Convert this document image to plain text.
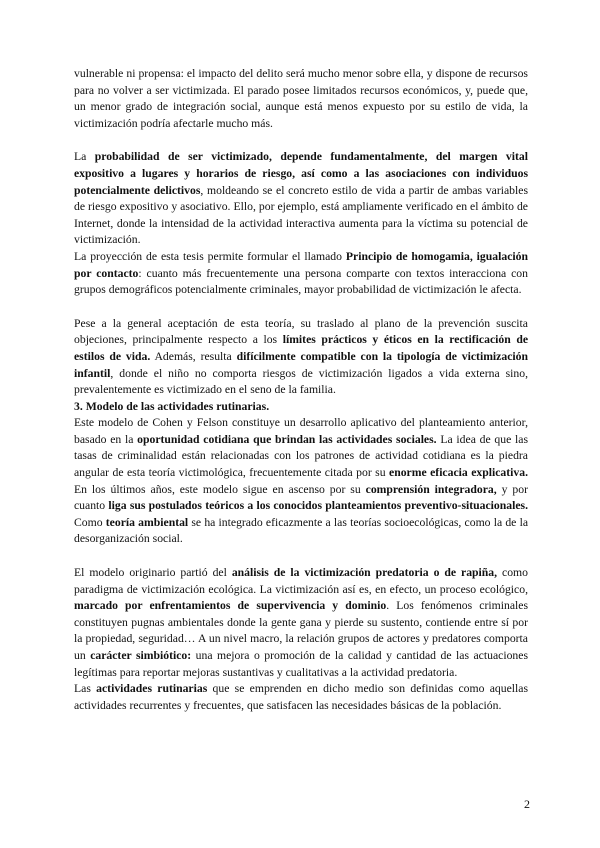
vulnerable ni propensa: el impacto del delito será mucho menor sobre ella, y dispone de recursos para no volver a ser victimizada. El parado posee limitados recursos económicos, y, puede que, un menor grado de integración social, aunque está menos expuesto por su estilo de vida, la victimización podría afectarle mucho más.

La probabilidad de ser victimizado, depende fundamentalmente, del margen vital expositivo a lugares y horarios de riesgo, así como a las asociaciones con individuos potencialmente delictivos, moldeando se el concreto estilo de vida a partir de ambas variables de riesgo expositivo y asociativo. Ello, por ejemplo, está ampliamente verificado en el ámbito de Internet, donde la intensidad de la actividad interactiva aumenta para la víctima su potencial de victimización.

La proyección de esta tesis permite formular el llamado Principio de homogamia, igualación por contacto: cuanto más frecuentemente una persona comparte con textos interacciona con grupos demográficos potencialmente criminales, mayor probabilidad de victimización le afecta.

Pese a la general aceptación de esta teoría, su traslado al plano de la prevención suscita objeciones, principalmente respecto a los límites prácticos y éticos en la rectificación de estilos de vida. Además, resulta difícilmente compatible con la tipología de victimización infantil, donde el niño no comporta riesgos de victimización ligados a vida externa sino, prevalentemente es victimizado en el seno de la familia.

3. Modelo de las actividades rutinarias.

Este modelo de Cohen y Felson constituye un desarrollo aplicativo del planteamiento anterior, basado en la oportunidad cotidiana que brindan las actividades sociales. La idea de que las tasas de criminalidad están relacionadas con los patrones de actividad cotidiana es la piedra angular de esta teoría victimológica, frecuentemente citada por su enorme eficacia explicativa. En los últimos años, este modelo sigue en ascenso por su comprensión integradora, y por cuanto liga sus postulados teóricos a los conocidos planteamientos preventivo-situacionales. Como teoría ambiental se ha integrado eficazmente a las teorías socioecológicas, como la de la desorganización social.

El modelo originario partió del análisis de la victimización predatoria o de rapiña, como paradigma de victimización ecológica. La victimización así es, en efecto, un proceso ecológico, marcado por enfrentamientos de supervivencia y dominio. Los fenómenos criminales constituyen pugnas ambientales donde la gente gana y pierde su sustento, contiende entre sí por la propiedad, seguridad… A un nivel macro, la relación grupos de actores y predatores comporta un carácter simbiótico: una mejora o promoción de la calidad y cantidad de las actuaciones legítimas para reportar mejoras sustantivas y cualitativas a la actividad predatoria.

Las actividades rutinarias que se emprenden en dicho medio son definidas como aquellas actividades recurrentes y frecuentes, que satisfacen las necesidades básicas de la población.

2
